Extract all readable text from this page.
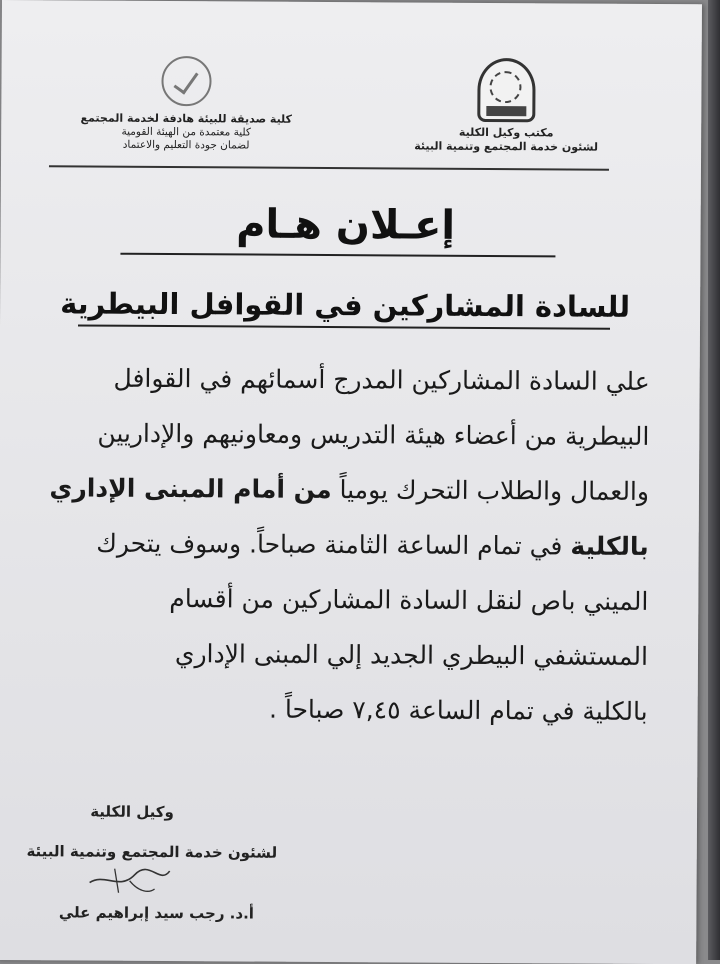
مكتب وكيل الكلية
لشئون خدمة المجتمع وتنمية البيئة
كلية صديقة للبيئة هادفة لخدمة المجتمع
كلية معتمدة من الهيئة القومية
لضمان جودة التعليم والاعتماد
إعـلان هـام
للسادة المشاركين في القوافل البيطرية
علي السادة المشاركين المدرج أسمائهم في القوافل
البيطرية من أعضاء هيئة التدريس ومعاونيهم والإداريين
والعمال والطلاب التحرك يومياً من أمام المبنى الإداري
بالكلية في تمام الساعة الثامنة صباحاً. وسوف يتحرك
الميني باص لنقل السادة المشاركين من أقسام
المستشفي البيطري الجديد إلي المبنى الإداري
بالكلية في تمام الساعة ٧,٤٥ صباحاً .
وكيل الكلية
لشئون خدمة المجتمع وتنمية البيئة
أ.د. رجب سيد إبراهيم علي
